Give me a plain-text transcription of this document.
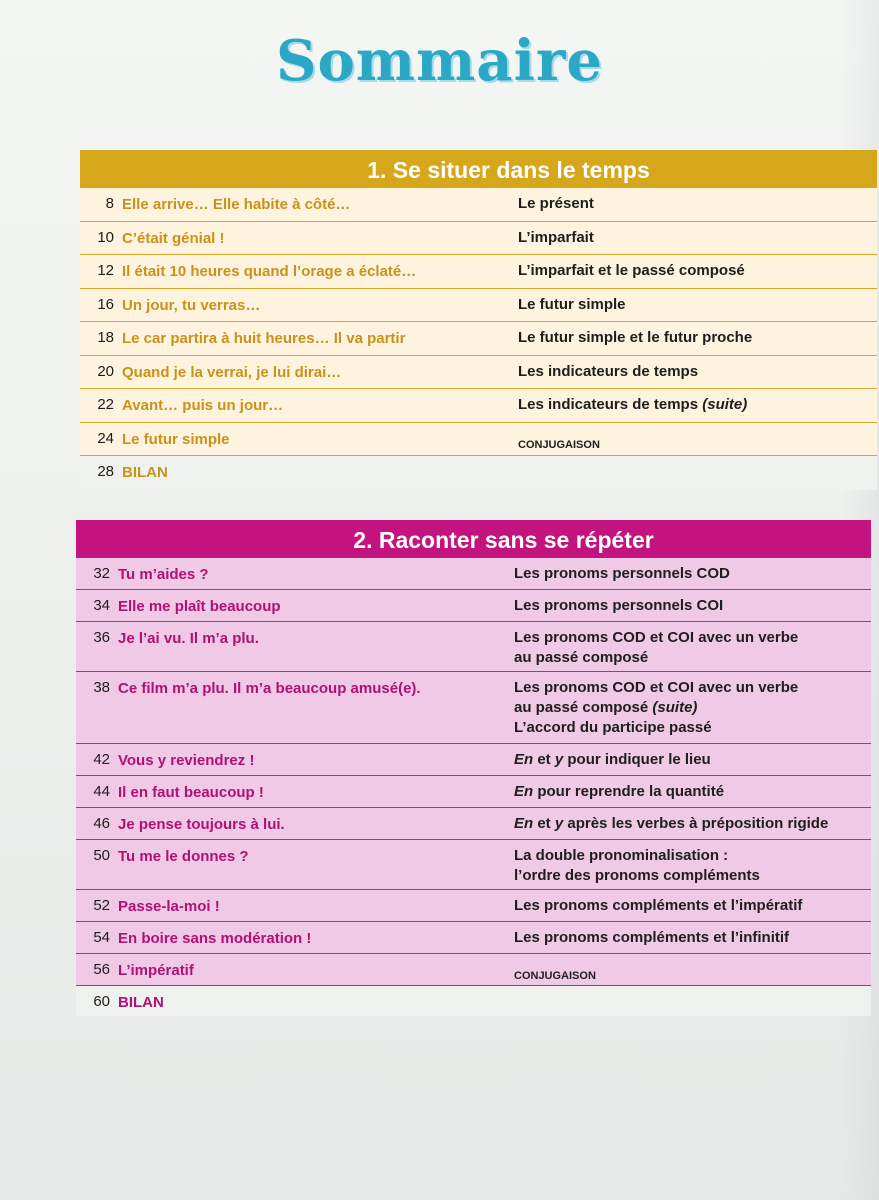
Sommaire
1. Se situer dans le temps
8 Elle arrive… Elle habite à côté…	Le présent
10 C’était génial !	L’imparfait
12 Il était 10 heures quand l’orage a éclaté…	L’imparfait et le passé composé
16 Un jour, tu verras…	Le futur simple
18 Le car partira à huit heures… Il va partir	Le futur simple et le futur proche
20 Quand je la verrai, je lui dirai…	Les indicateurs de temps
22 Avant… puis un jour…	Les indicateurs de temps (suite)
24 Le futur simple	CONJUGAISON
28 BILAN
2. Raconter sans se répéter
32 Tu m’aides ?	Les pronoms personnels COD
34 Elle me plaît beaucoup	Les pronoms personnels COI
36 Je l’ai vu. Il m’a plu.	Les pronoms COD et COI avec un verbe
au passé composé
38 Ce film m’a plu. Il m’a beaucoup amusé(e).	Les pronoms COD et COI avec un verbe
au passé composé (suite)
L’accord du participe passé
42 Vous y reviendrez !	En et y pour indiquer le lieu
44 Il en faut beaucoup !	En pour reprendre la quantité
46 Je pense toujours à lui.	En et y après les verbes à préposition rigide
50 Tu me le donnes ?	La double pronominalisation :
l’ordre des pronoms compléments
52 Passe-la-moi !	Les pronoms compléments et l’impératif
54 En boire sans modération !	Les pronoms compléments et l’infinitif
56 L’impératif	CONJUGAISON
60 BILAN
